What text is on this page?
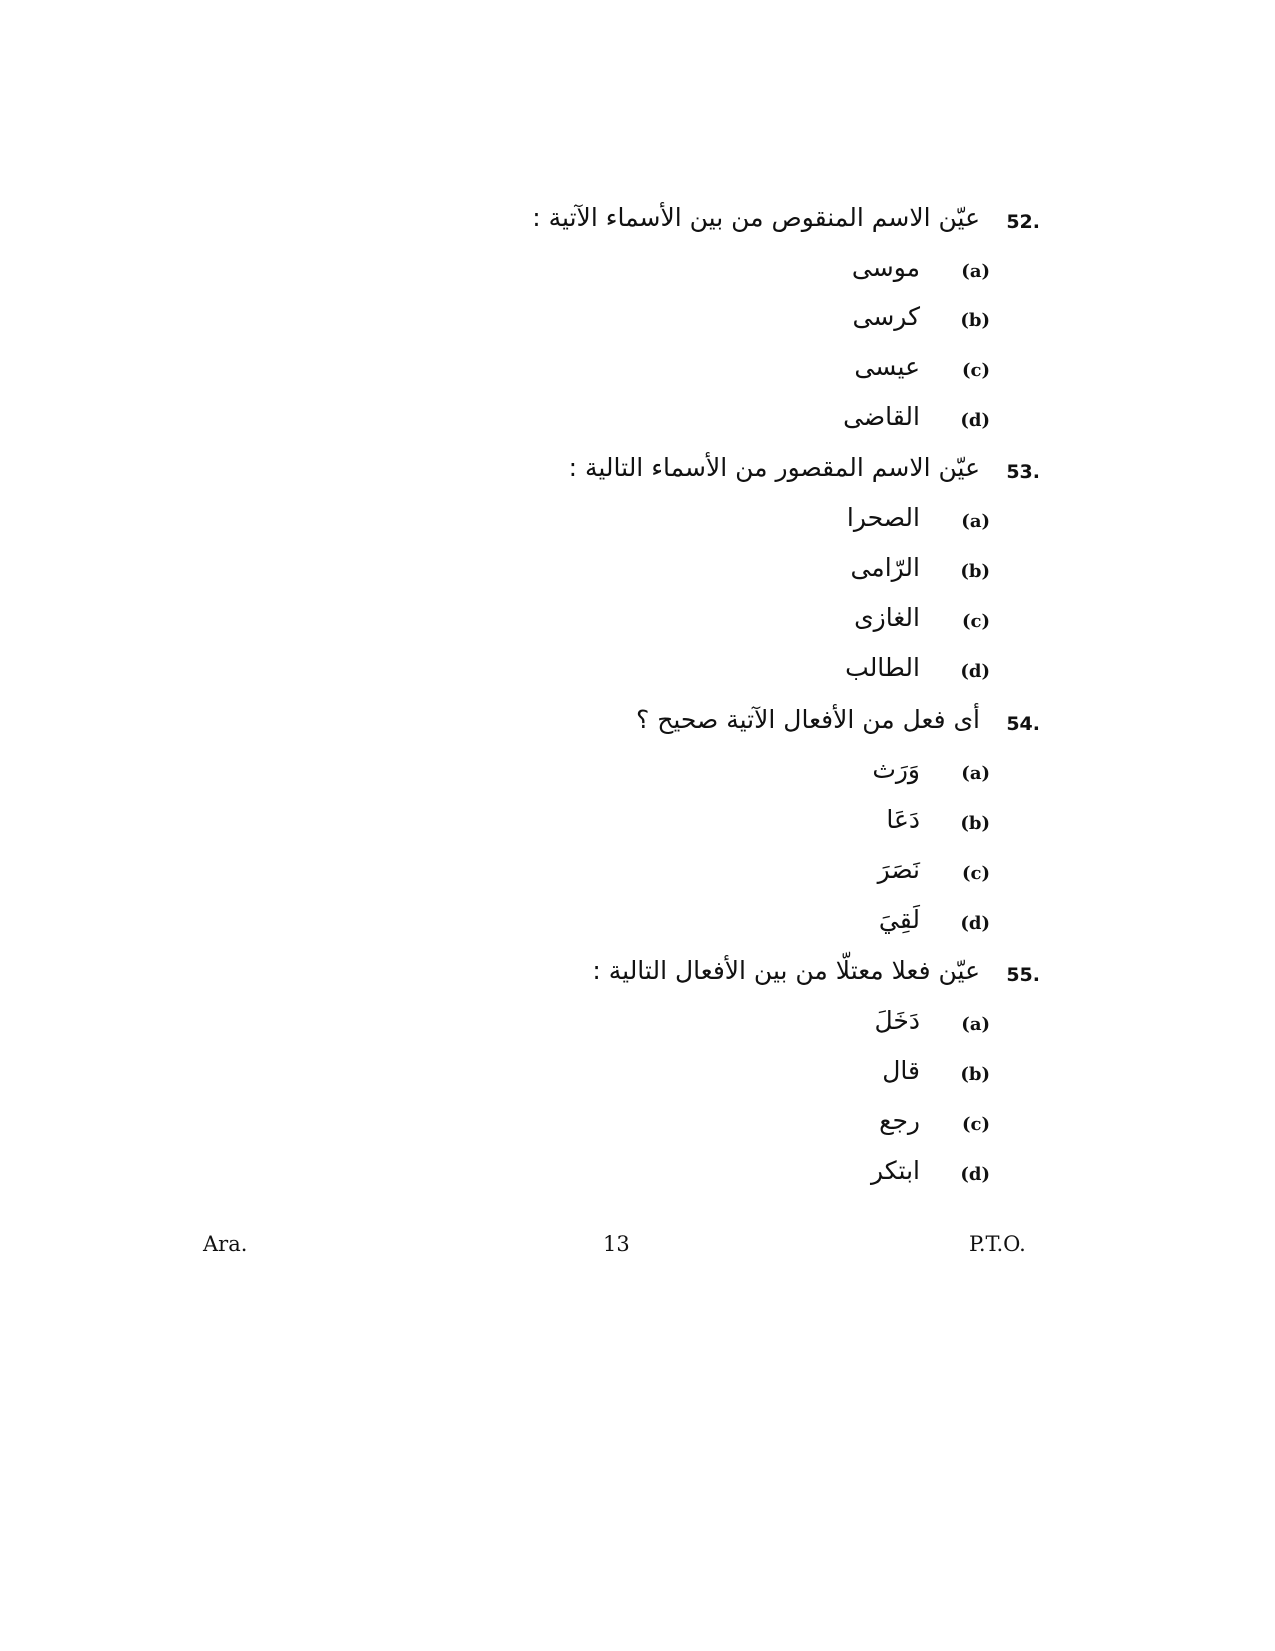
52.
عيّن الاسم المنقوص من بين الأسماء الآتية :
(a)
موسى
(b)
كرسى
(c)
عيسى
(d)
القاضى
53.
عيّن الاسم المقصور من الأسماء التالية :
(a)
الصحرا
(b)
الرّامى
(c)
الغازى
(d)
الطالب
54.
أى فعل من الأفعال الآتية صحيح ؟
(a)
وَرَث
(b)
دَعَا
(c)
نَصَرَ
(d)
لَقِيَ
55.
عيّن فعلا معتلّا من بين الأفعال التالية :
(a)
دَخَلَ
(b)
قال
(c)
رجع
(d)
ابتكر
Ara.	13	P.T.O.
